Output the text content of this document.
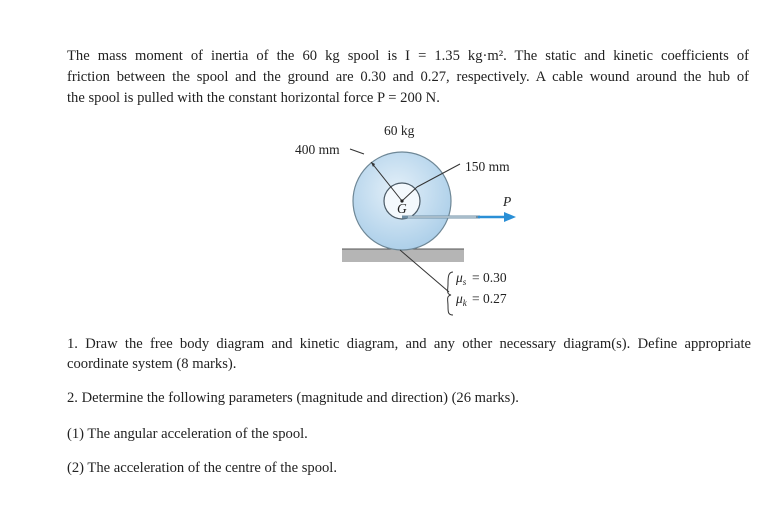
The mass moment of inertia of the 60 kg spool is I = 1.35 kg·m². The static and kinetic coefficients of
friction between the spool and the ground are 0.30 and 0.27, respectively. A cable wound around the hub of
the spool is pulled with the constant horizontal force P = 200 N.
G	P
60 kg
400 mm
150 mm
$\mu_s = 0.30$
$\mu_k = 0.27$
1. Draw the free body diagram and kinetic diagram, and any other necessary diagram(s). Define appropriate
coordinate system (8 marks).
2. Determine the following parameters (magnitude and direction) (26 marks).
(1) The angular acceleration of the spool.
(2) The acceleration of the centre of the spool.
